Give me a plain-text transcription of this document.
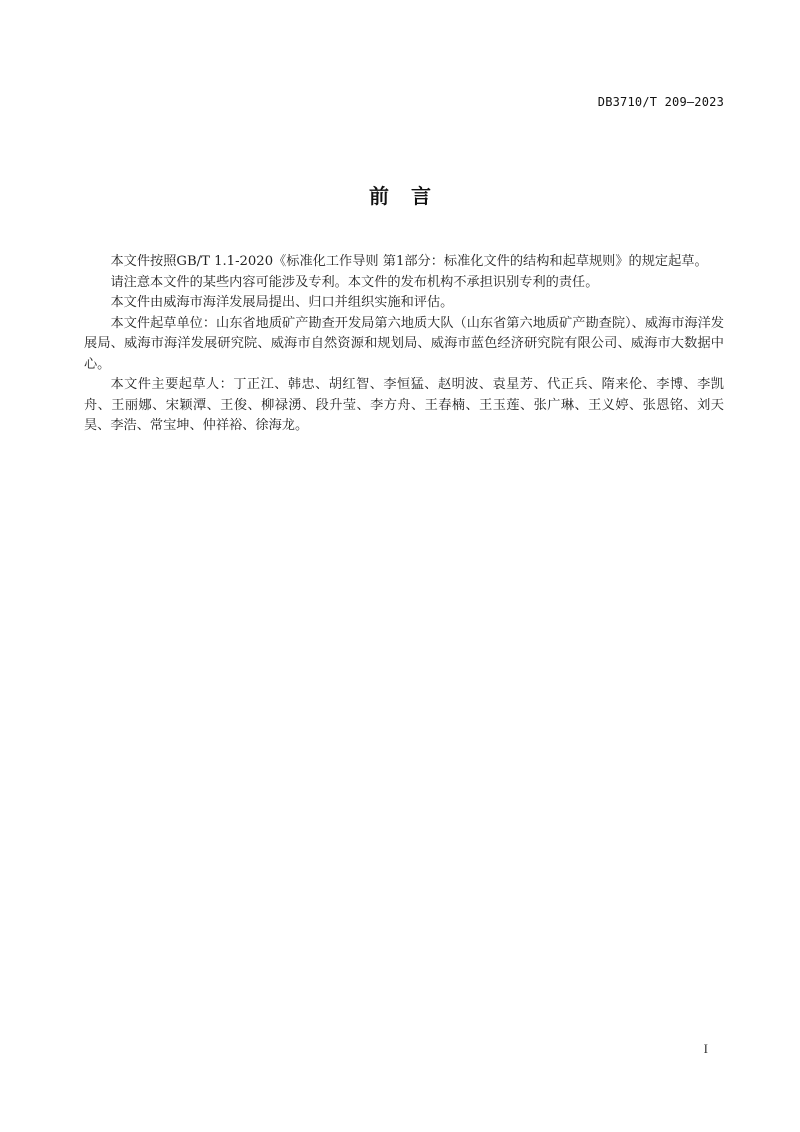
DB3710/T 209—2023
前言

本文件按照GB/T 1.1-2020《标准化工作导则 第1部分：标准化文件的结构和起草规则》的规定起草。

请注意本文件的某些内容可能涉及专利。本文件的发布机构不承担识别专利的责任。

本文件由威海市海洋发展局提出、归口并组织实施和评估。

本文件起草单位：山东省地质矿产勘查开发局第六地质大队（山东省第六地质矿产勘查院）、威海市海洋发展局、威海市海洋发展研究院、威海市自然资源和规划局、威海市蓝色经济研究院有限公司、威海市大数据中心。

本文件主要起草人：丁正江、韩忠、胡红智、李恒猛、赵明波、袁星芳、代正兵、隋来伦、李博、李凯舟、王丽娜、宋颖潭、王俊、柳禄湧、段升莹、李方舟、王春楠、王玉莲、张广琳、王义婷、张恩铭、刘天昊、李浩、常宝坤、仲祥裕、徐海龙。

I
